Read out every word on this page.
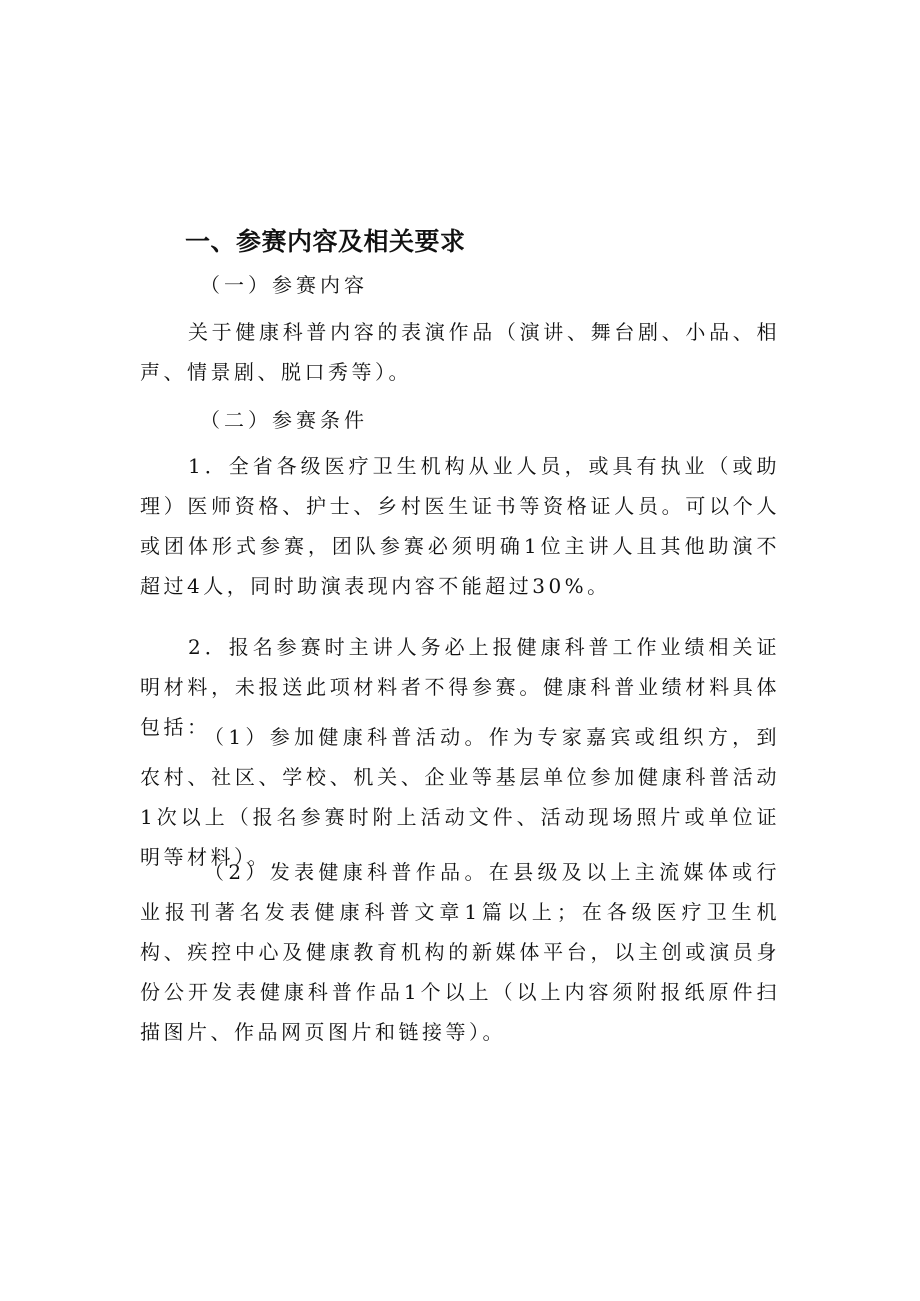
一、参赛内容及相关要求
（一）参赛内容

关于健康科普内容的表演作品（演讲、舞台剧、小品、相声、情景剧、脱口秀等）。

（二）参赛条件

1．全省各级医疗卫生机构从业人员，或具有执业（或助理）医师资格、护士、乡村医生证书等资格证人员。可以个人或团体形式参赛，团队参赛必须明确1位主讲人且其他助演不超过4人，同时助演表现内容不能超过30%。

2．报名参赛时主讲人务必上报健康科普工作业绩相关证明材料，未报送此项材料者不得参赛。健康科普业绩材料具体包括：

（1）参加健康科普活动。作为专家嘉宾或组织方，到农村、社区、学校、机关、企业等基层单位参加健康科普活动1次以上（报名参赛时附上活动文件、活动现场照片或单位证明等材料）。

（2）发表健康科普作品。在县级及以上主流媒体或行业报刊著名发表健康科普文章1篇以上；在各级医疗卫生机构、疾控中心及健康教育机构的新媒体平台，以主创或演员身份公开发表健康科普作品1个以上（以上内容须附报纸原件扫描图片、作品网页图片和链接等）。
